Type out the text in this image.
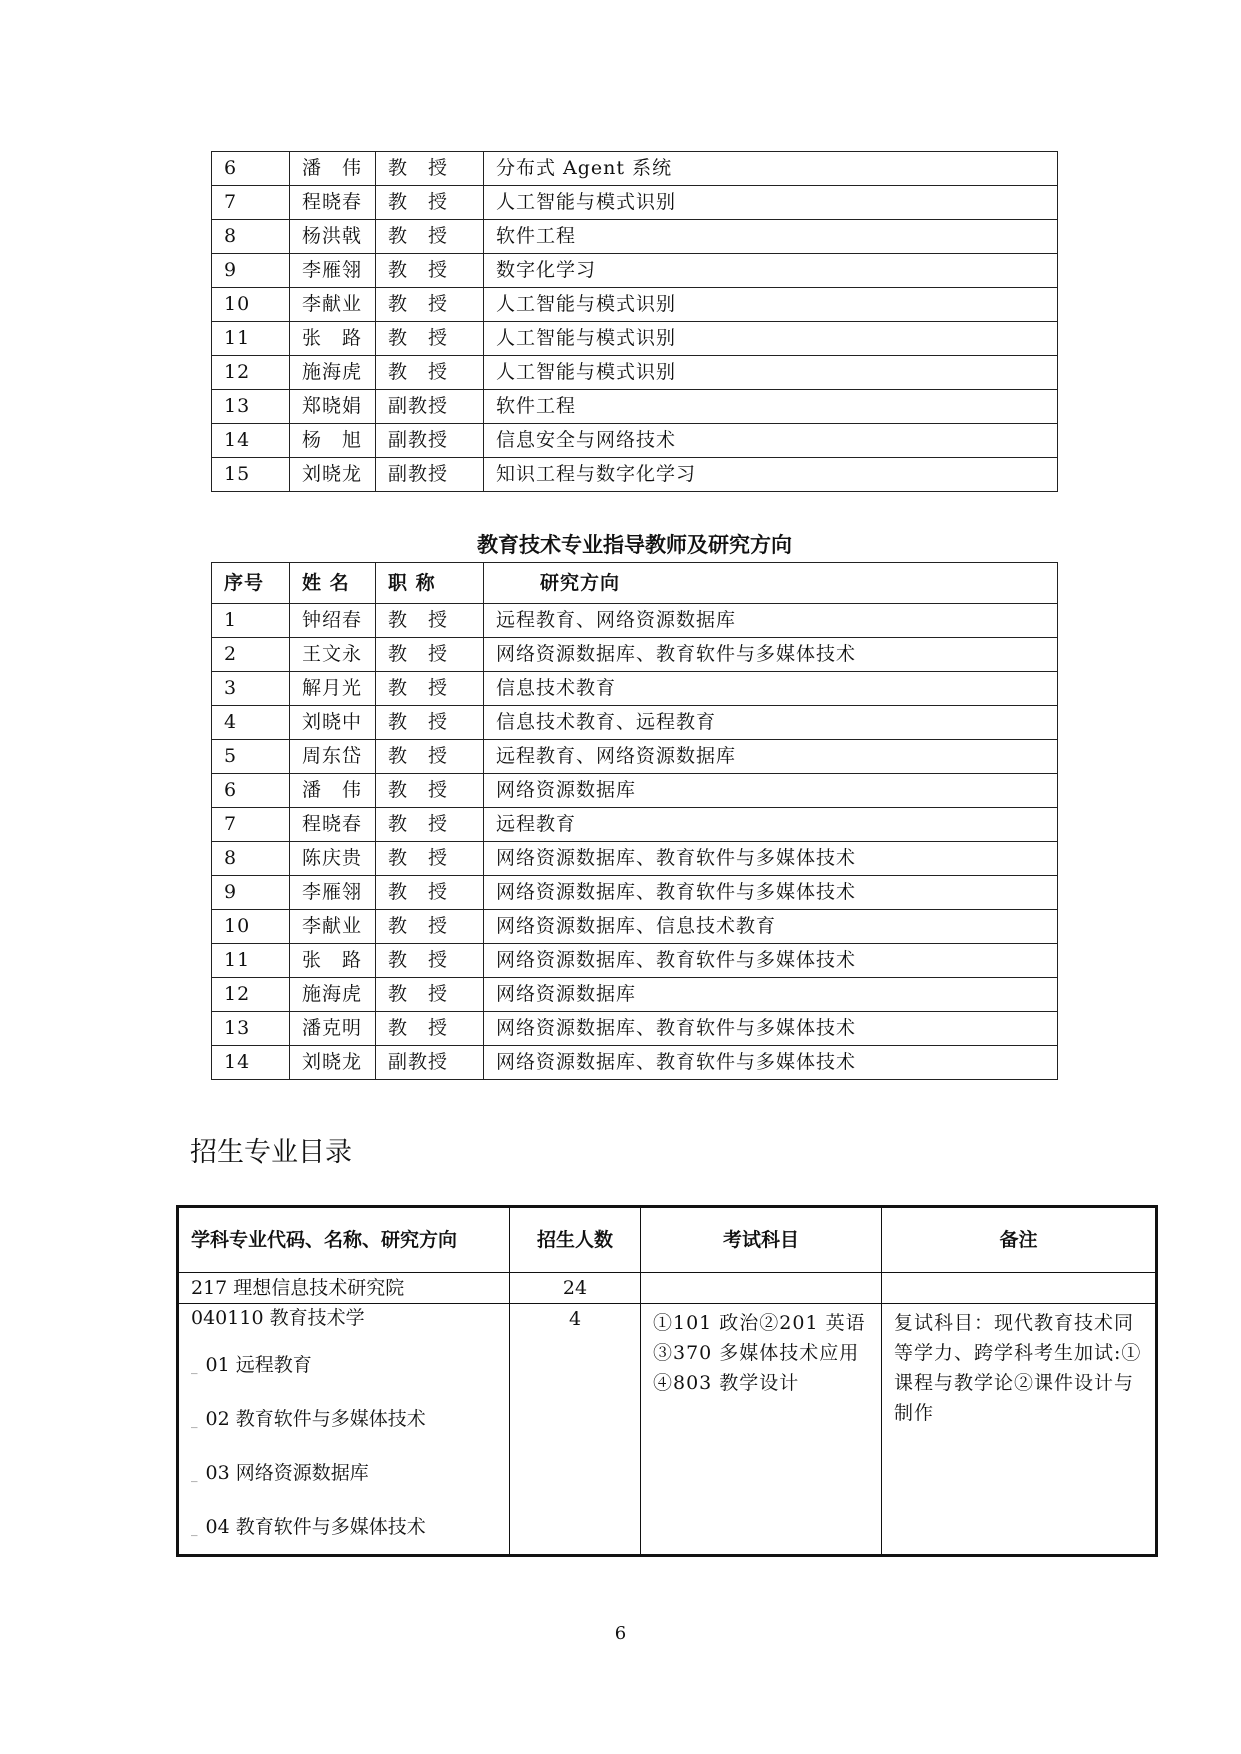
6	潘　伟	教　授	分布式 Agent 系统
7	程晓春	教　授	人工智能与模式识别
8	杨洪戟	教　授	软件工程
9	李雁翎	教　授	数字化学习
10	李献业	教　授	人工智能与模式识别
11	张　路	教　授	人工智能与模式识别
12	施海虎	教　授	人工智能与模式识别
13	郑晓娟	副教授	软件工程
14	杨　旭	副教授	信息安全与网络技术
15	刘晓龙	副教授	知识工程与数字化学习
教育技术专业指导教师及研究方向
序号	姓 名	职 称	研究方向
1	钟绍春	教　授	远程教育、网络资源数据库
2	王文永	教　授	网络资源数据库、教育软件与多媒体技术
3	解月光	教　授	信息技术教育
4	刘晓中	教　授	信息技术教育、远程教育
5	周东岱	教　授	远程教育、网络资源数据库
6	潘　伟	教　授	网络资源数据库
7	程晓春	教　授	远程教育
8	陈庆贵	教　授	网络资源数据库、教育软件与多媒体技术
9	李雁翎	教　授	网络资源数据库、教育软件与多媒体技术
10	李献业	教　授	网络资源数据库、信息技术教育
11	张　路	教　授	网络资源数据库、教育软件与多媒体技术
12	施海虎	教　授	网络资源数据库
13	潘克明	教　授	网络资源数据库、教育软件与多媒体技术
14	刘晓龙	副教授	网络资源数据库、教育软件与多媒体技术
招生专业目录
学科专业代码、名称、研究方向	招生人数	考试科目	备注
217 理想信息技术研究院	24		

040110 教育技术学
_ 01 远程教育
_ 02 教育软件与多媒体技术
_ 03 网络资源数据库
_ 04 教育软件与多媒体技术	4	①101 政治②201 英语③370 多媒体技术应用④803 教学设计	复试科目：现代教育技术同等学力、跨学科考生加试:①课程与教学论②课件设计与制作
6
